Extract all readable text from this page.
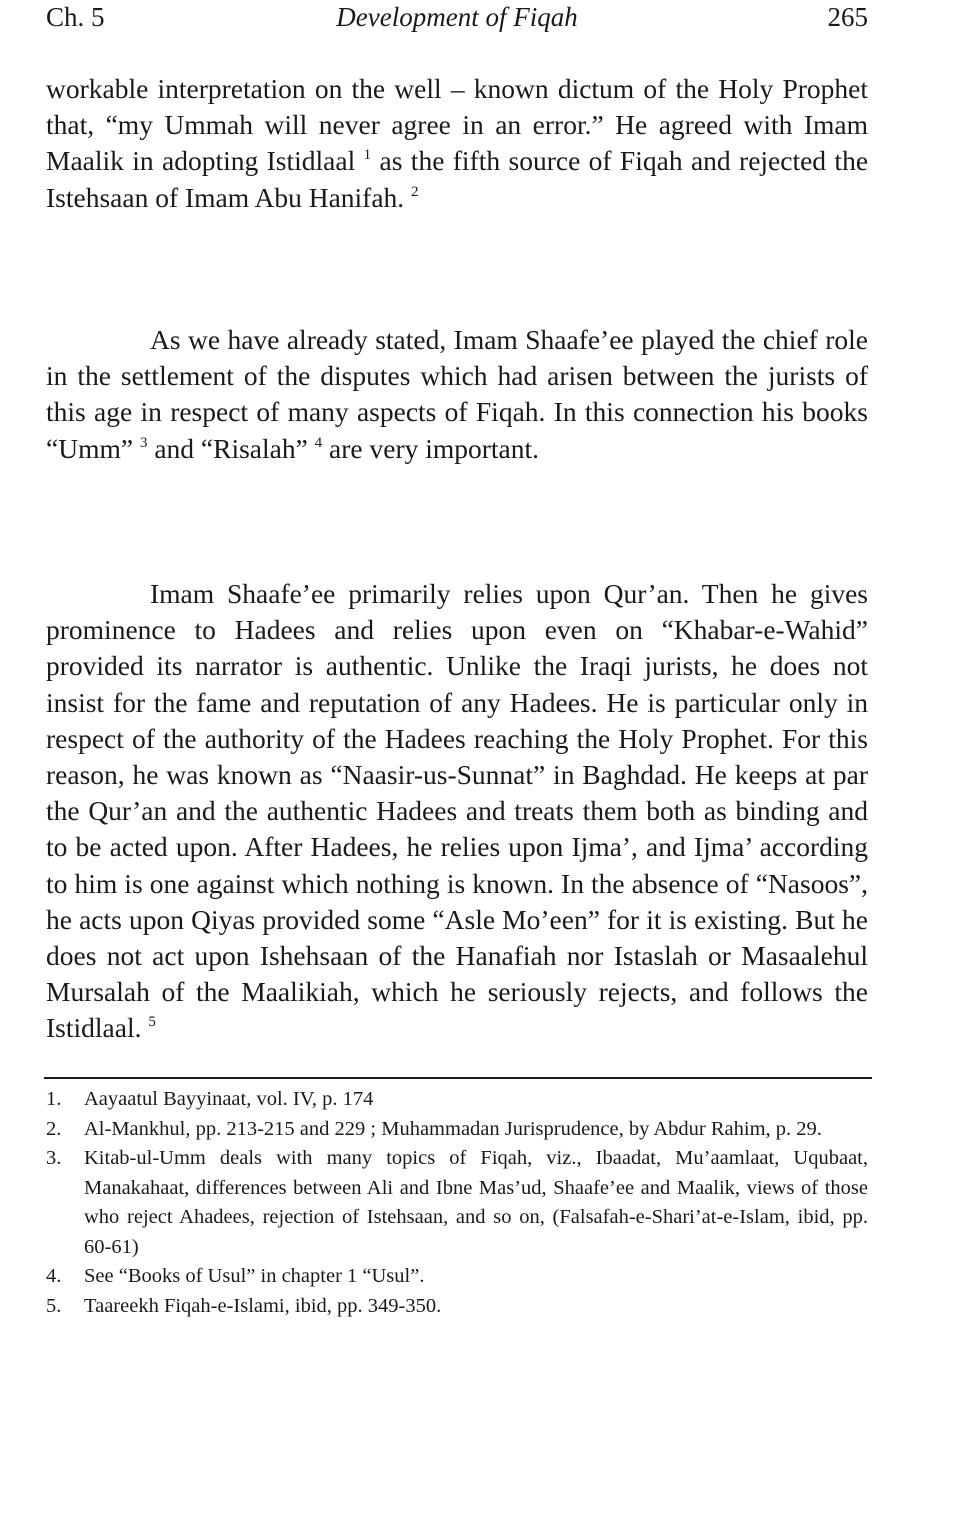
Ch. 5	Development of Fiqah	265

workable interpretation on the well – known dictum of the Holy Prophet that, “my Ummah will never agree in an error.” He agreed with Imam Maalik in adopting Istidlaal $^1$ as the fifth source of Fiqah and rejected the Istehsaan of Imam Abu Hanifah. $^2$

As we have already stated, Imam Shaafe’ee played the chief role in the settlement of the disputes which had arisen between the jurists of this age in respect of many aspects of Fiqah. In this connection his books “Umm” $^3$ and “Risalah” $^4$ are very important.

Imam Shaafe’ee primarily relies upon Qur’an. Then he gives prominence to Hadees and relies upon even on “Khabar-e-Wahid” provided its narrator is authentic. Unlike the Iraqi jurists, he does not insist for the fame and reputation of any Hadees. He is particular only in respect of the authority of the Hadees reaching the Holy Prophet. For this reason, he was known as “Naasir-us-Sunnat” in Baghdad. He keeps at par the Qur’an and the authentic Hadees and treats them both as binding and to be acted upon. After Hadees, he relies upon Ijma’, and Ijma’ according to him is one against which nothing is known. In the absence of “Nasoos”, he acts upon Qiyas provided some “Asle Mo’een” for it is existing. But he does not act upon Ishehsaan of the Hanafiah nor Istaslah or Masaalehul Mursalah of the Maalikiah, which he seriously rejects, and follows the Istidlaal. $^5$

1. Aayaatul Bayyinaat, vol. IV, p. 174
2. Al-Mankhul, pp. 213-215 and 229 ; Muhammadan Jurisprudence, by Abdur Rahim, p. 29.
3. Kitab-ul-Umm deals with many topics of Fiqah, viz., Ibaadat, Mu’aamlaat, Uqubaat, Manakahaat, differences between Ali and Ibne Mas’ud, Shaafe’ee and Maalik, views of those who reject Ahadees, rejection of Istehsaan, and so on, (Falsafah-e-Shari’at-e-Islam, ibid, pp. 60-61)
4. See “Books of Usul” in chapter 1 “Usul”.
5. Taareekh Fiqah-e-Islami, ibid, pp. 349-350.
